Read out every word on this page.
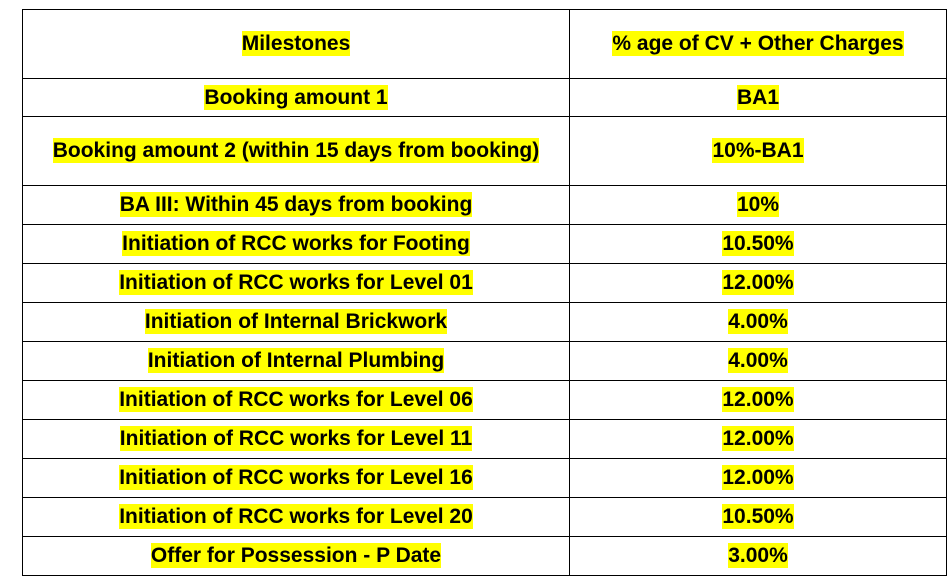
Milestones	% age of CV + Other Charges
Booking amount 1	BA1
Booking amount 2 (within 15 days from booking)	10%-BA1
BA III: Within 45 days from booking	10%
Initiation of RCC works for Footing	10.50%
Initiation of RCC works for Level 01	12.00%
Initiation of Internal Brickwork	4.00%
Initiation of Internal Plumbing	4.00%
Initiation of RCC works for Level 06	12.00%
Initiation of RCC works for Level 11	12.00%
Initiation of RCC works for Level 16	12.00%
Initiation of RCC works for Level 20	10.50%
Offer for Possession - P Date	3.00%
